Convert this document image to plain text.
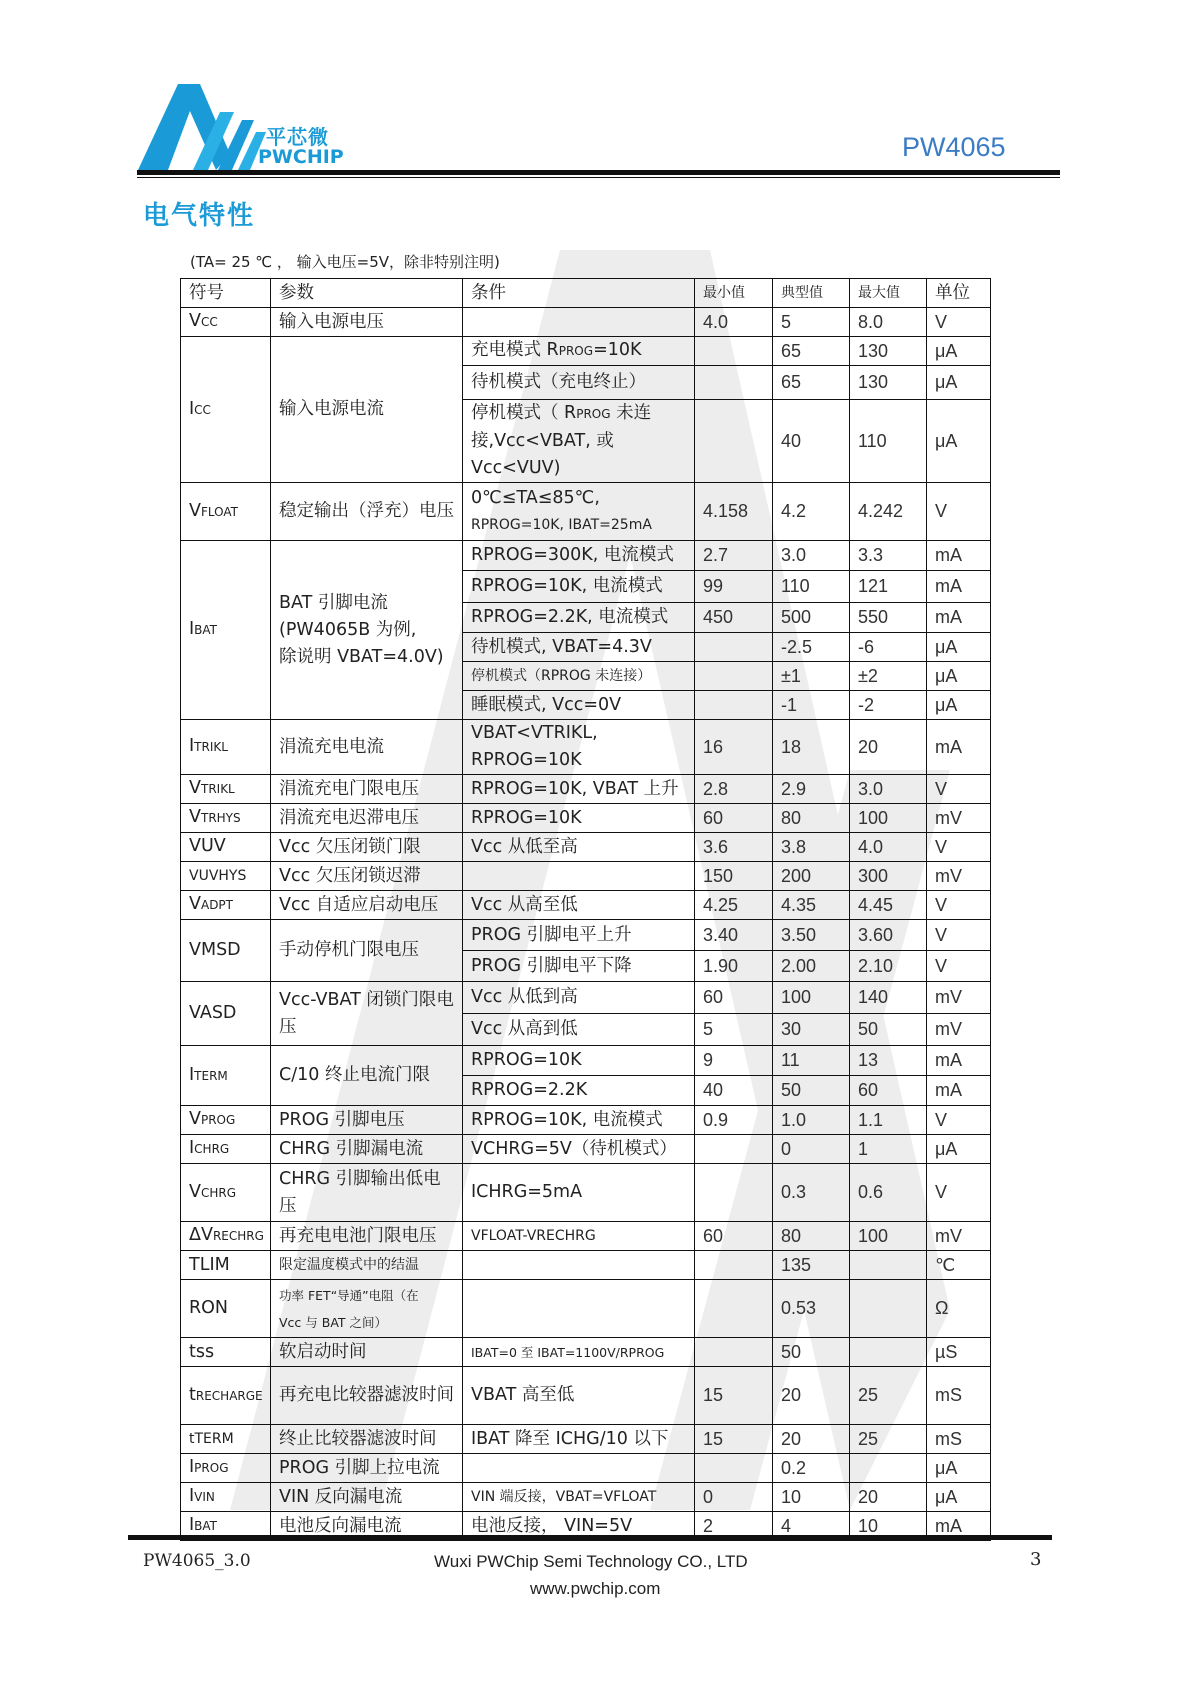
平芯微
PWCHIP	PW4065
电气特性
(TA= 25 ℃ ， 输入电压=5V，除非特别注明)
符号	参数	条件	最小值	典型值	最大值	单位
VCC	输入电源电压		4.0	5	8.0	V
ICC	输入电源电流	充电模式 RPROG=10K		65	130	μA
		待机模式（充电终止）		65	130	μA
		停机模式（ RPROG 未连接,Vcc<VBAT, 或 Vcc<VUV)		40	110	μA
VFLOAT	稳定输出（浮充）电压	0℃≤TA≤85℃,
RPROG=10K, IBAT=25mA	4.158	4.2	4.242	V
IBAT	BAT 引脚电流
(PW4065B 为例,
除说明 VBAT=4.0V)	RPROG=300K, 电流模式	2.7	3.0	3.3	mA
		RPROG=10K, 电流模式	99	110	121	mA
		RPROG=2.2K, 电流模式	450	500	550	mA
		待机模式, VBAT=4.3V		-2.5	-6	μA
		停机模式（RPROG 未连接）		±1	±2	μA
		睡眠模式, Vcc=0V		-1	-2	μA
ITRIKL	涓流充电电流	VBAT<VTRIKL, RPROG=10K	16	18	20	mA
VTRIKL	涓流充电门限电压	RPROG=10K, VBAT 上升	2.8	2.9	3.0	V
VTRHYS	涓流充电迟滞电压	RPROG=10K	60	80	100	mV
VUV	Vcc 欠压闭锁门限	Vcc 从低至高	3.6	3.8	4.0	V
VUVHYS	Vcc 欠压闭锁迟滞		150	200	300	mV
VADPT	Vcc 自适应启动电压	Vcc 从高至低	4.25	4.35	4.45	V
VMSD	手动停机门限电压	PROG 引脚电平上升	3.40	3.50	3.60	V
		PROG 引脚电平下降	1.90	2.00	2.10	V
VASD	Vcc-VBAT 闭锁门限电压	Vcc 从低到高	60	100	140	mV
		Vcc 从高到低	5	30	50	mV
ITERM	C/10 终止电流门限	RPROG=10K	9	11	13	mA
		RPROG=2.2K	40	50	60	mA
VPROG	PROG 引脚电压	RPROG=10K, 电流模式	0.9	1.0	1.1	V
ICHRG	CHRG 引脚漏电流	VCHRG=5V（待机模式）		0	1	μA
VCHRG	CHRG 引脚输出低电压	ICHRG=5mA		0.3	0.6	V
ΔVRECHRG	再充电电池门限电压	VFLOAT-VRECHRG	60	80	100	mV
TLIM	限定温度模式中的结温			135		℃
RON	功率 FET“导通”电阻（在
Vcc 与 BAT 之间）			0.53		Ω
tss	软启动时间	IBAT=0 至 IBAT=1100V/RPROG		50		µS
tRECHARGE	再充电比较器滤波时间	VBAT 高至低	15	20	25	mS
tTERM	终止比较器滤波时间	IBAT 降至 ICHG/10 以下	15	20	25	mS
IPROG	PROG 引脚上拉电流			0.2		μA
IVIN	VIN 反向漏电流	VIN 端反接，VBAT=VFLOAT	0	10	20	μA
IBAT	电池反向漏电流	电池反接， VIN=5V	2	4	10	mA
PW4065_3.0	Wuxi PWChip Semi Technology CO., LTD
www.pwchip.com
3
